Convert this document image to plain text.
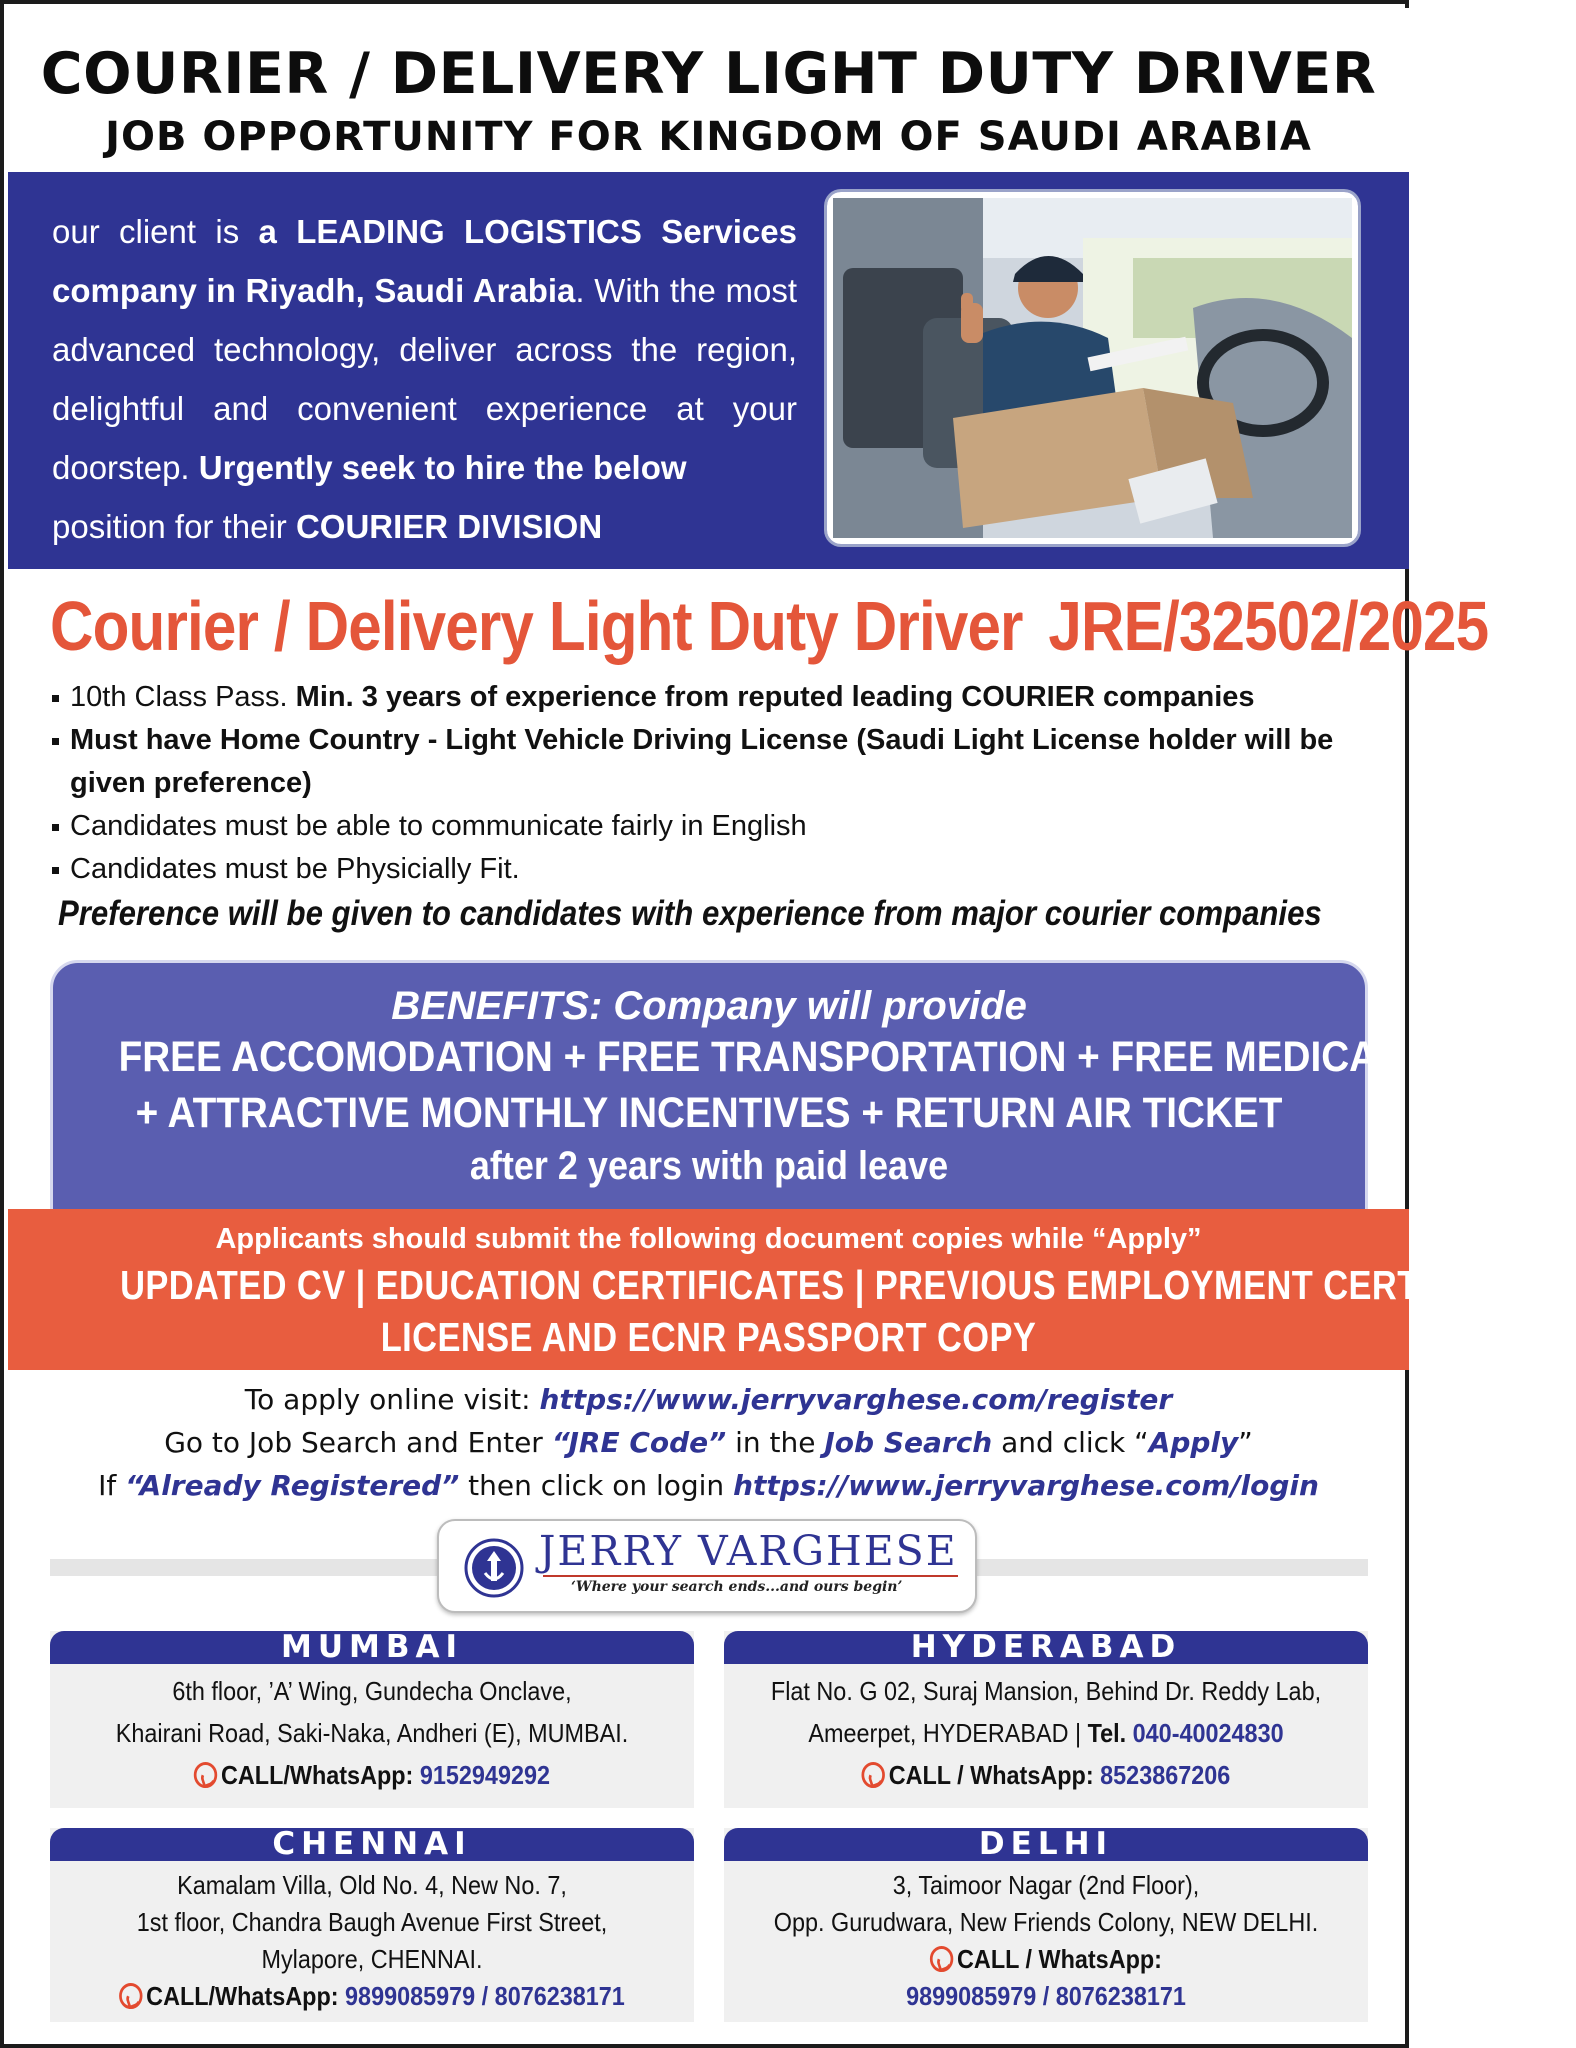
COURIER / DELIVERY LIGHT DUTY DRIVER
JOB OPPORTUNITY FOR KINGDOM OF SAUDI ARABIA
our client is a LEADING LOGISTICS Services company in Riyadh, Saudi Arabia. With the most advanced technology, deliver across the region, delightful and convenient experience at your doorstep. Urgently seek to hire the below
position for their COURIER DIVISION
Courier / Delivery Light Duty Driver JRE/32502/2025
10th Class Pass. Min. 3 years of experience from reputed leading COURIER companies
Must have Home Country - Light Vehicle Driving License (Saudi Light License holder will be given preference)
Candidates must be able to communicate fairly in English
Candidates must be Physicially Fit.
Preference will be given to candidates with experience from major courier companies
BENEFITS: Company will provide
FREE ACCOMODATION + FREE TRANSPORTATION + FREE MEDICAL
+ ATTRACTIVE MONTHLY INCENTIVES + RETURN AIR TICKET
after 2 years with paid leave
Applicants should submit the following document copies while “Apply”
UPDATED CV | EDUCATION CERTIFICATES | PREVIOUS EMPLOYMENT CERTIFICATES
LICENSE AND ECNR PASSPORT COPY
To apply online visit: https://www.jerryvarghese.com/register
Go to Job Search and Enter “JRE Code” in the Job Search and click “Apply”
If “Already Registered” then click on login https://www.jerryvarghese.com/login
JERRY VARGHESE
‘Where your search ends...and ours begin’
MUMBAI
6th floor, ’A’ Wing, Gundecha Onclave,
Khairani Road, Saki-Naka, Andheri (E), MUMBAI.
CALL/WhatsApp: 9152949292
HYDERABAD
Flat No. G 02, Suraj Mansion, Behind Dr. Reddy Lab,
Ameerpet, HYDERABAD | Tel. 040-40024830
CALL / WhatsApp: 8523867206
CHENNAI
Kamalam Villa, Old No. 4, New No. 7,
1st floor, Chandra Baugh Avenue First Street,
Mylapore, CHENNAI.
CALL/WhatsApp: 9899085979 / 8076238171
DELHI
3, Taimoor Nagar (2nd Floor),
Opp. Gurudwara, New Friends Colony, NEW DELHI.
CALL / WhatsApp:
9899085979 / 8076238171
